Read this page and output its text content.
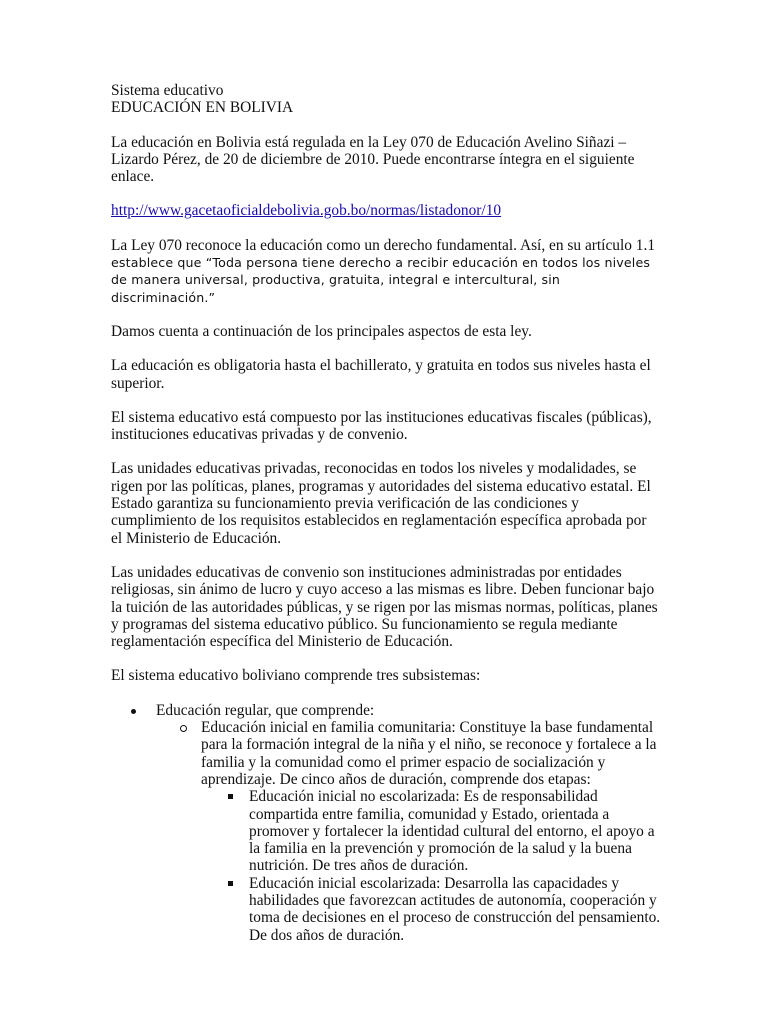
Sistema educativo

EDUCACIÓN EN BOLIVIA

La educación en Bolivia está regulada en la Ley 070 de Educación Avelino Siñazi – Lizardo Pérez, de 20 de diciembre de 2010. Puede encontrarse íntegra en el siguiente enlace.

http://www.gacetaoficialdebolivia.gob.bo/normas/listadonor/10

La Ley 070 reconoce la educación como un derecho fundamental. Así, en su artículo 1.1 establece que “Toda persona tiene derecho a recibir educación en todos los niveles de manera universal, productiva, gratuita, integral e intercultural, sin discriminación.”

Damos cuenta a continuación de los principales aspectos de esta ley.

La educación es obligatoria hasta el bachillerato, y gratuita en todos sus niveles hasta el superior.

El sistema educativo está compuesto por las instituciones educativas fiscales (públicas), instituciones educativas privadas y de convenio.

Las unidades educativas privadas, reconocidas en todos los niveles y modalidades, se rigen por las políticas, planes, programas y autoridades del sistema educativo estatal. El Estado garantiza su funcionamiento previa verificación de las condiciones y cumplimiento de los requisitos establecidos en reglamentación específica aprobada por el Ministerio de Educación.

Las unidades educativas de convenio son instituciones administradas por entidades religiosas, sin ánimo de lucro y cuyo acceso a las mismas es libre. Deben funcionar bajo la tuición de las autoridades públicas, y se rigen por las mismas normas, políticas, planes y programas del sistema educativo público. Su funcionamiento se regula mediante reglamentación específica del Ministerio de Educación.

El sistema educativo boliviano comprende tres subsistemas:

Educación regular, que comprende:
Educación inicial en familia comunitaria: Constituye la base fundamental para la formación integral de la niña y el niño, se reconoce y fortalece a la familia y la comunidad como el primer espacio de socialización y aprendizaje. De cinco años de duración, comprende dos etapas:
Educación inicial no escolarizada: Es de responsabilidad compartida entre familia, comunidad y Estado, orientada a promover y fortalecer la identidad cultural del entorno, el apoyo a la familia en la prevención y promoción de la salud y la buena nutrición. De tres años de duración.
Educación inicial escolarizada: Desarrolla las capacidades y habilidades que favorezcan actitudes de autonomía, cooperación y toma de decisiones en el proceso de construcción del pensamiento. De dos años de duración.
